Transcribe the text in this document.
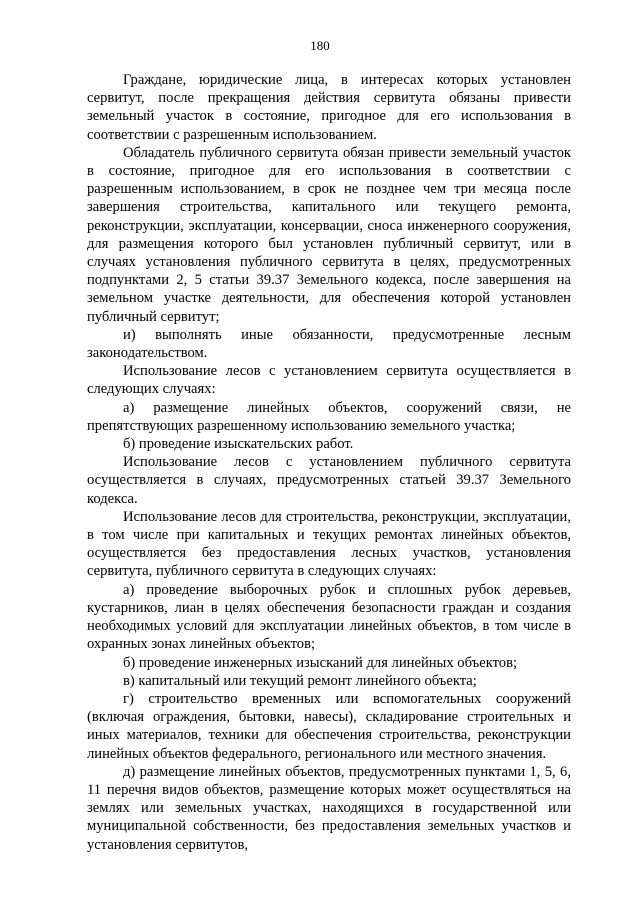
180

Граждане, юридические лица, в интересах которых установлен сервитут, после прекращения действия сервитута обязаны привести земельный участок в состояние, пригодное для его использования в соответствии с разрешенным использованием.

Обладатель публичного сервитута обязан привести земельный участок в состояние, пригодное для его использования в соответствии с разрешенным использованием, в срок не позднее чем три месяца после завершения строительства, капитального или текущего ремонта, реконструкции, эксплуатации, консервации, сноса инженерного сооружения, для размещения которого был установлен публичный сервитут, или в случаях установления публичного сервитута в целях, предусмотренных подпунктами 2, 5 статьи 39.37 Земельного кодекса, после завершения на земельном участке деятельности, для обеспечения которой установлен публичный сервитут;

и) выполнять иные обязанности, предусмотренные лесным законодательством.

Использование лесов с установлением сервитута осуществляется в следующих случаях:

а) размещение линейных объектов, сооружений связи, не препятствующих разрешенному использованию земельного участка;

б) проведение изыскательских работ.

Использование лесов с установлением публичного сервитута осуществляется в случаях, предусмотренных статьей 39.37 Земельного кодекса.

Использование лесов для строительства, реконструкции, эксплуатации, в том числе при капитальных и текущих ремонтах линейных объектов, осуществляется без предоставления лесных участков, установления сервитута, публичного сервитута в следующих случаях:

а) проведение выборочных рубок и сплошных рубок деревьев, кустарников, лиан в целях обеспечения безопасности граждан и создания необходимых условий для эксплуатации линейных объектов, в том числе в охранных зонах линейных объектов;

б) проведение инженерных изысканий для линейных объектов;

в) капитальный или текущий ремонт линейного объекта;

г) строительство временных или вспомогательных сооружений (включая ограждения, бытовки, навесы), складирование строительных и иных материалов, техники для обеспечения строительства, реконструкции линейных объектов федерального, регионального или местного значения.

д) размещение линейных объектов, предусмотренных пунктами 1, 5, 6, 11 перечня видов объектов, размещение которых может осуществляться на землях или земельных участках, находящихся в государственной или муниципальной собственности, без предоставления земельных участков и установления сервитутов,
